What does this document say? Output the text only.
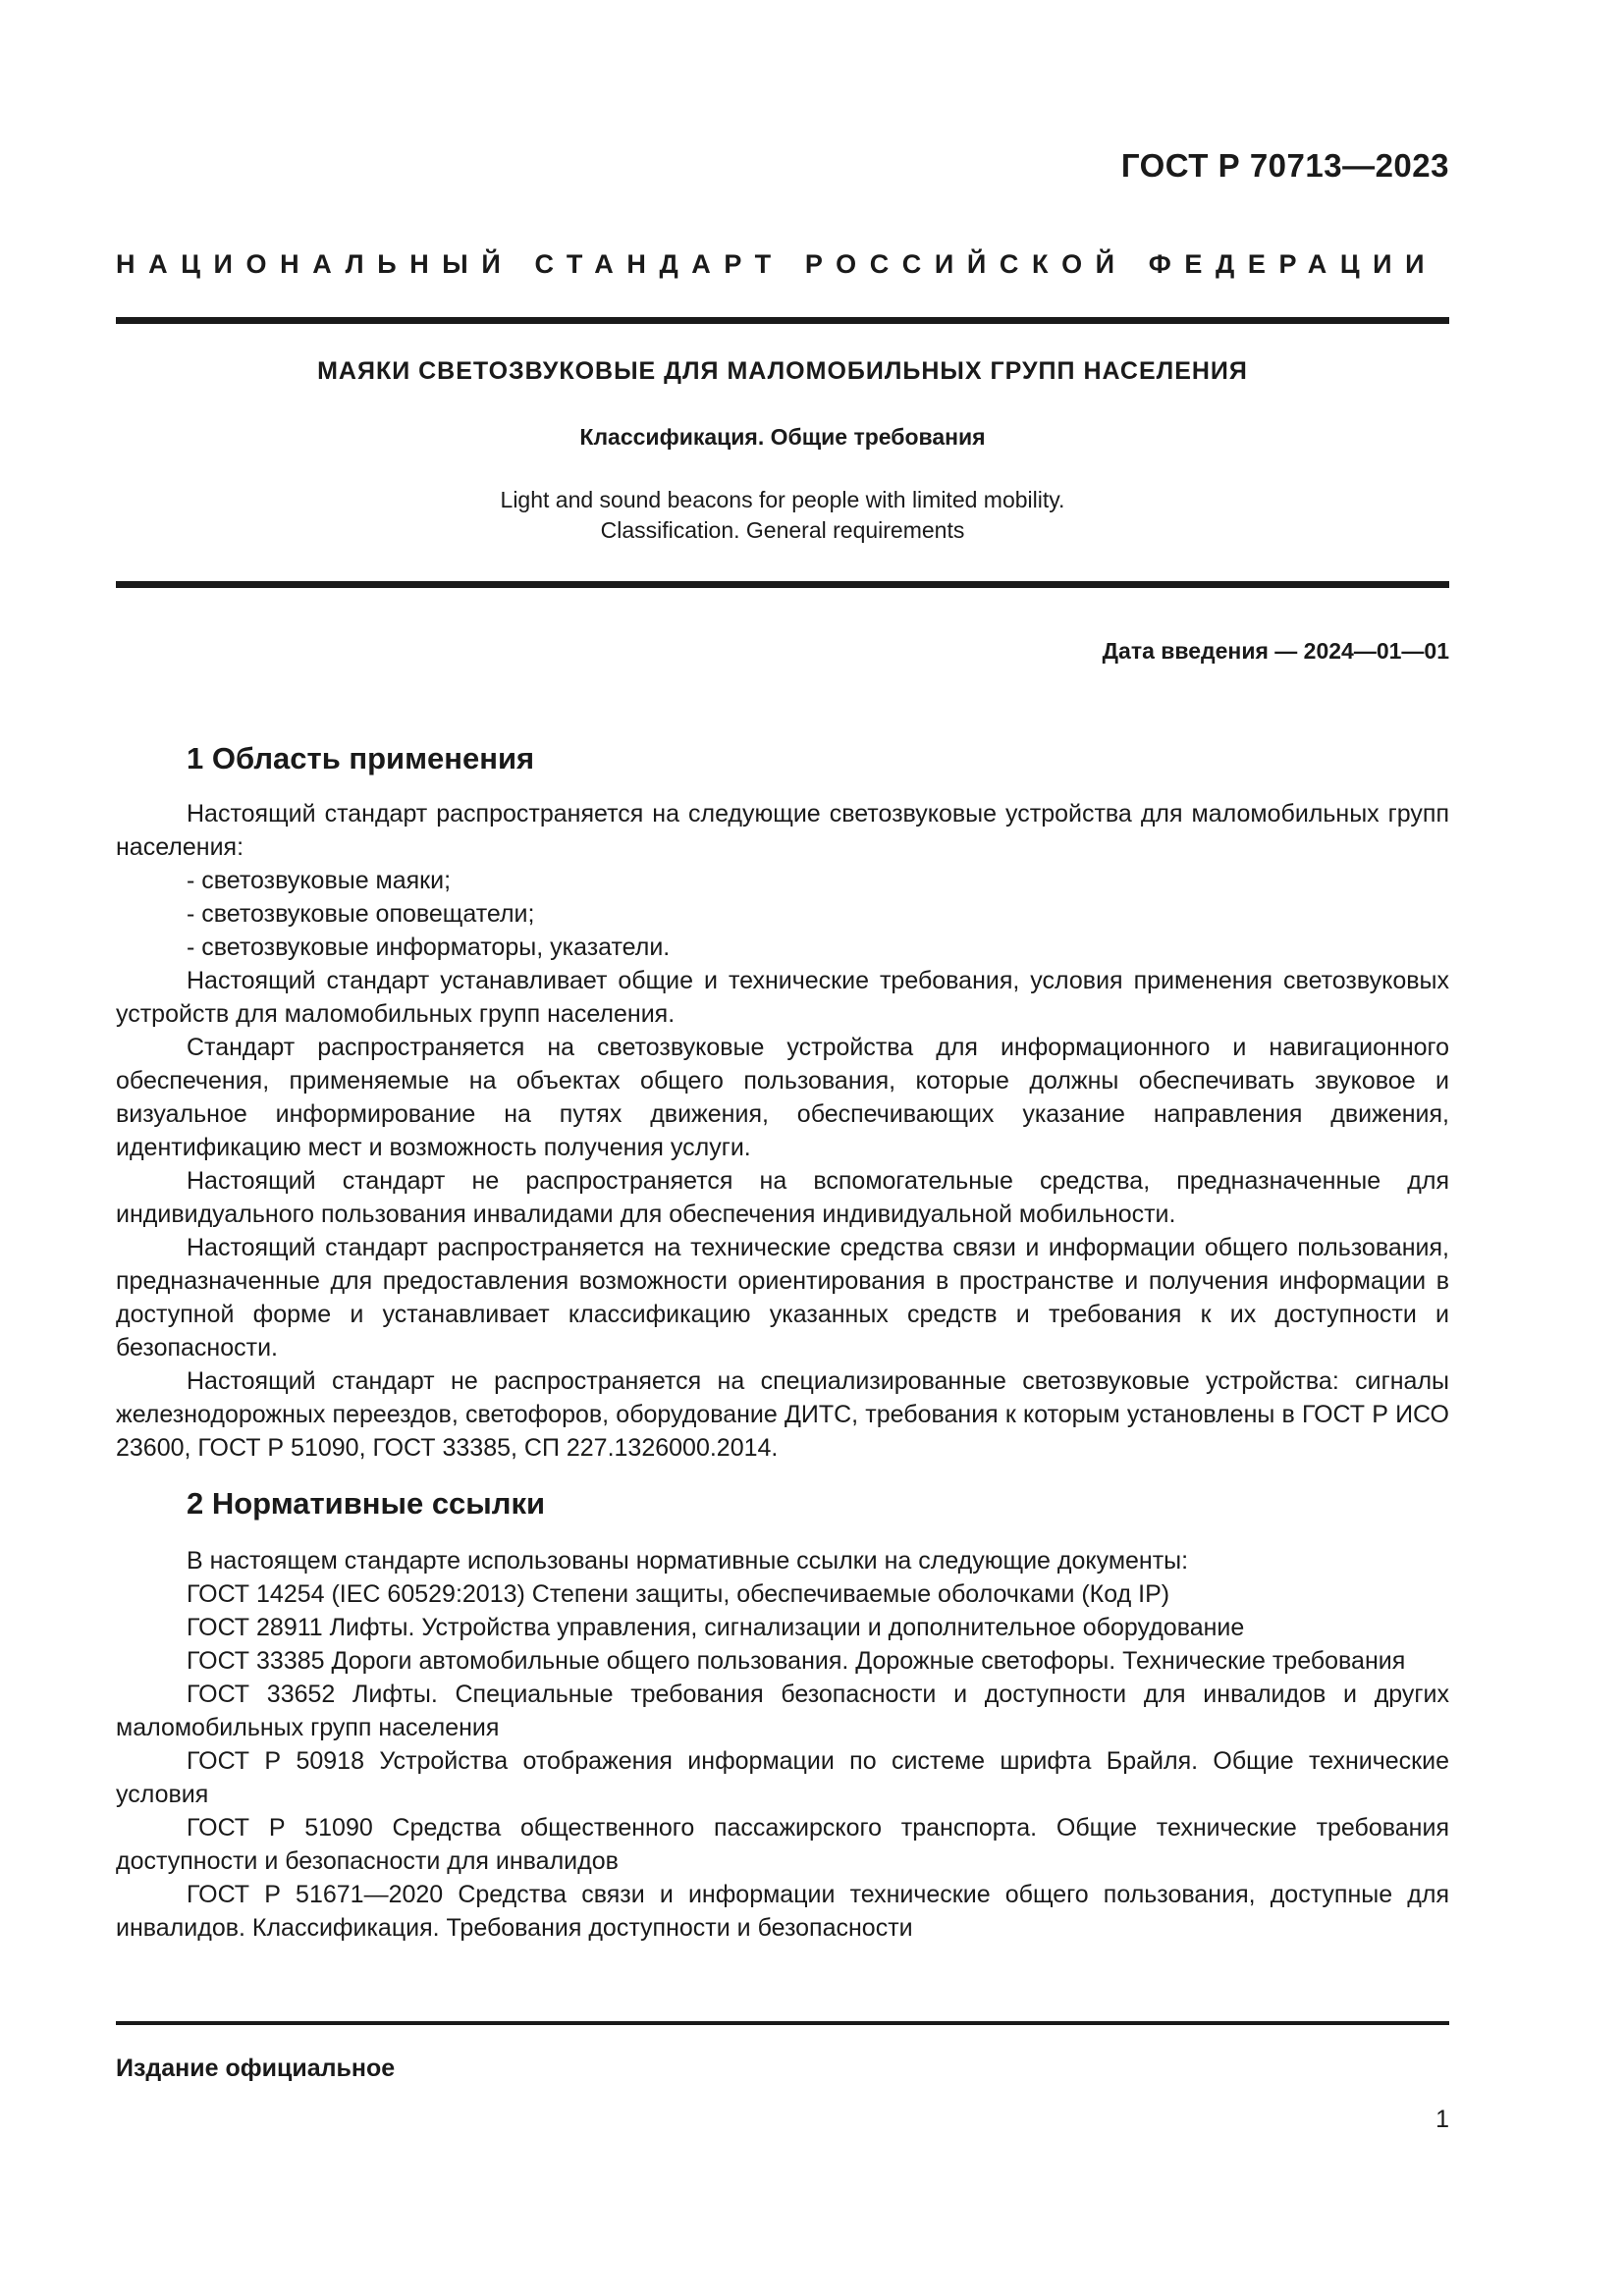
ГОСТ Р 70713—2023
НАЦИОНАЛЬНЫЙ СТАНДАРТ РОССИЙСКОЙ ФЕДЕРАЦИИ
МАЯКИ СВЕТОЗВУКОВЫЕ ДЛЯ МАЛОМОБИЛЬНЫХ ГРУПП НАСЕЛЕНИЯ
Классификация. Общие требования
Light and sound beacons for people with limited mobility.
Classification. General requirements
Дата введения — 2024—01—01
1 Область применения

Настоящий стандарт распространяется на следующие светозвуковые устройства для маломобильных групп населения:

- светозвуковые маяки;

- светозвуковые оповещатели;

- светозвуковые информаторы, указатели.

Настоящий стандарт устанавливает общие и технические требования, условия применения светозвуковых устройств для маломобильных групп населения.

Стандарт распространяется на светозвуковые устройства для информационного и навигационного обеспечения, применяемые на объектах общего пользования, которые должны обеспечивать звуковое и визуальное информирование на путях движения, обеспечивающих указание направления движения, идентификацию мест и возможность получения услуги.

Настоящий стандарт не распространяется на вспомогательные средства, предназначенные для индивидуального пользования инвалидами для обеспечения индивидуальной мобильности.

Настоящий стандарт распространяется на технические средства связи и информации общего пользования, предназначенные для предоставления возможности ориентирования в пространстве и получения информации в доступной форме и устанавливает классификацию указанных средств и требования к их доступности и безопасности.

Настоящий стандарт не распространяется на специализированные светозвуковые устройства: сигналы железнодорожных переездов, светофоров, оборудование ДИТС, требования к которым установлены в ГОСТ Р ИСО 23600, ГОСТ Р 51090, ГОСТ 33385, СП 227.1326000.2014.

2 Нормативные ссылки

В настоящем стандарте использованы нормативные ссылки на следующие документы:

ГОСТ 14254 (IEC 60529:2013) Степени защиты, обеспечиваемые оболочками (Код IP)

ГОСТ 28911 Лифты. Устройства управления, сигнализации и дополнительное оборудование

ГОСТ 33385 Дороги автомобильные общего пользования. Дорожные светофоры. Технические требования

ГОСТ 33652 Лифты. Специальные требования безопасности и доступности для инвалидов и других маломобильных групп населения

ГОСТ Р 50918 Устройства отображения информации по системе шрифта Брайля. Общие технические условия

ГОСТ Р 51090 Средства общественного пассажирского транспорта. Общие технические требования доступности и безопасности для инвалидов

ГОСТ Р 51671—2020 Средства связи и информации технические общего пользования, доступные для инвалидов. Классификация. Требования доступности и безопасности

Издание официальное
1
